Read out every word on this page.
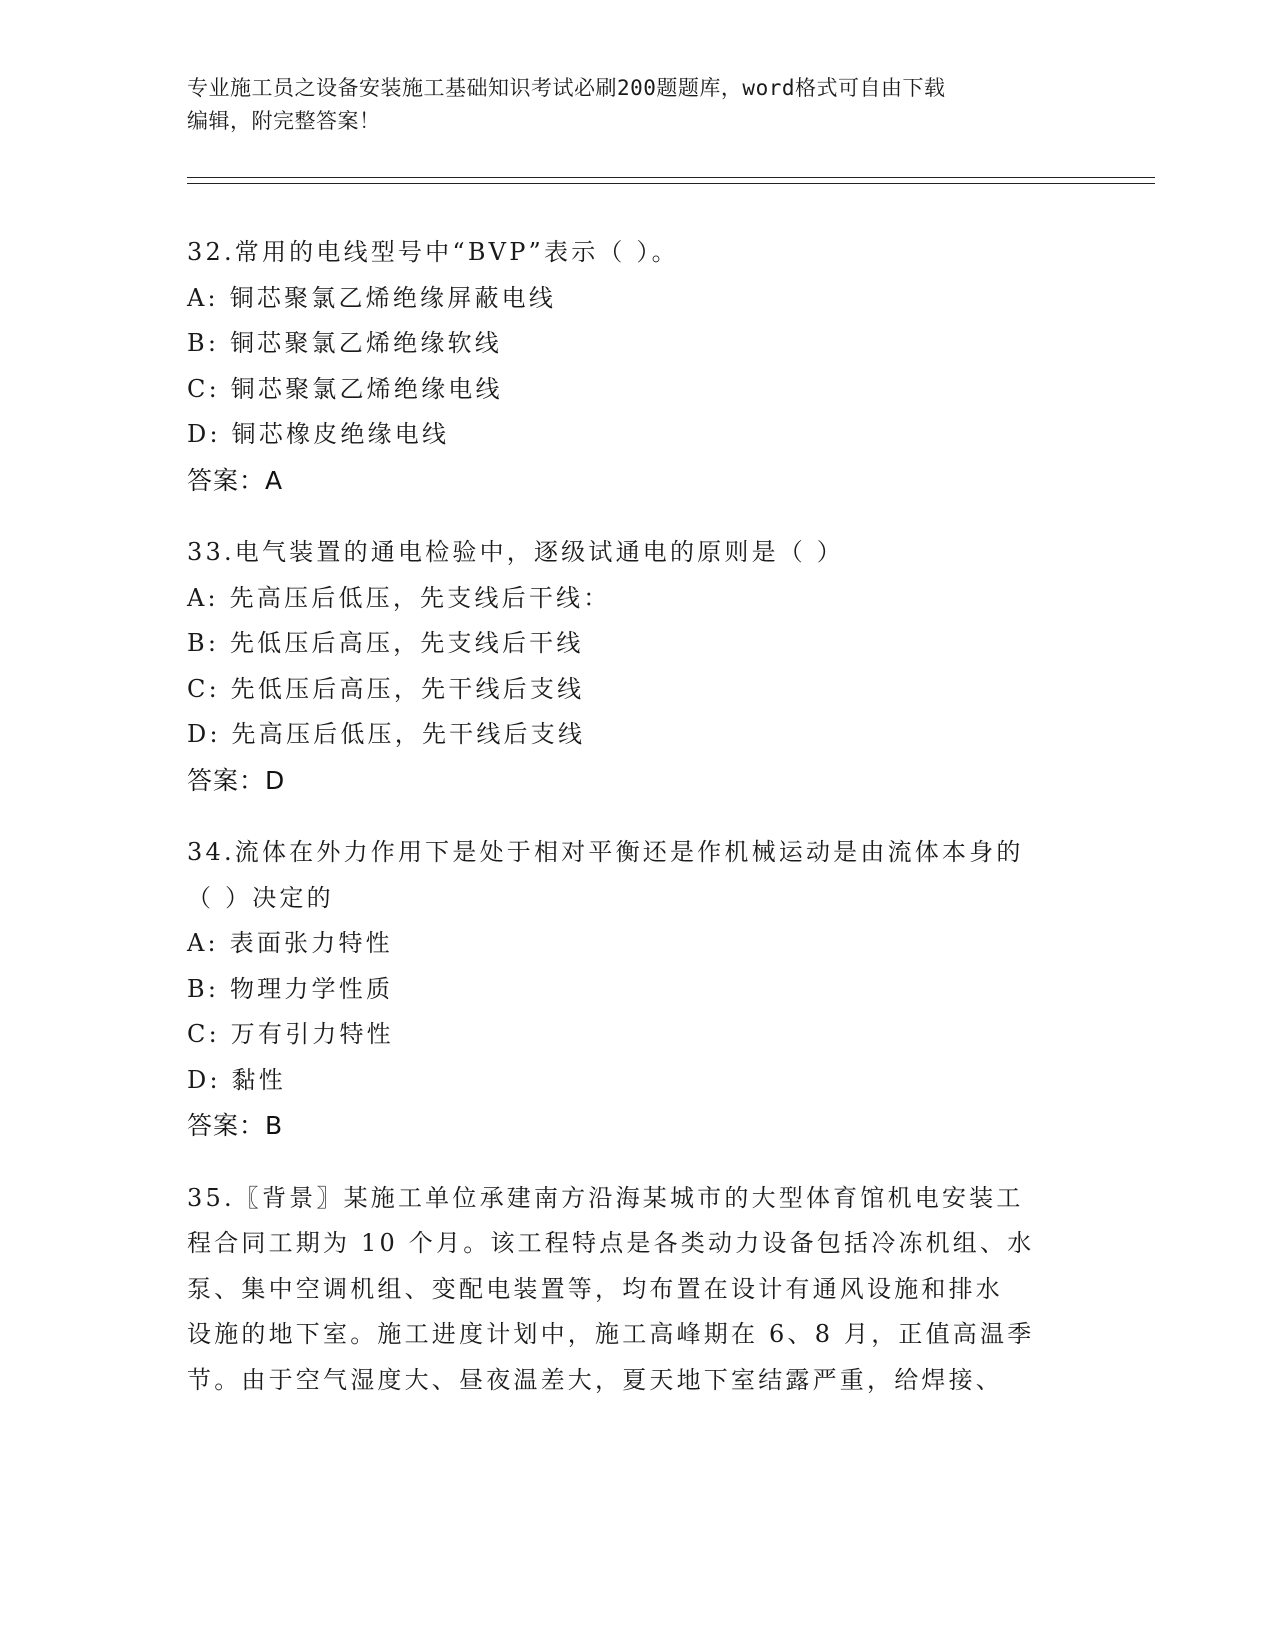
专业施工员之设备安装施工基础知识考试必刷200题题库，word格式可自由下载
编辑，附完整答案！
32.常用的电线型号中“BVP”表示（ ）。
A: 铜芯聚氯乙烯绝缘屏蔽电线
B: 铜芯聚氯乙烯绝缘软线
C: 铜芯聚氯乙烯绝缘电线
D: 铜芯橡皮绝缘电线
答案：A
33.电气装置的通电检验中，逐级试通电的原则是（ ）
A: 先高压后低压，先支线后干线：
B: 先低压后高压，先支线后干线
C: 先低压后高压，先干线后支线
D: 先高压后低压，先干线后支线
答案：D
34.流体在外力作用下是处于相对平衡还是作机械运动是由流体本身的
（ ）决定的
A: 表面张力特性
B: 物理力学性质
C: 万有引力特性
D: 黏性
答案：B
35.〖背景〗某施工单位承建南方沿海某城市的大型体育馆机电安装工
程合同工期为 10 个月。该工程特点是各类动力设备包括冷冻机组、水
泵、集中空调机组、变配电装置等，均布置在设计有通风设施和排水
设施的地下室。施工进度计划中，施工高峰期在 6、8 月，正值高温季
节。由于空气湿度大、昼夜温差大，夏天地下室结露严重，给焊接、
